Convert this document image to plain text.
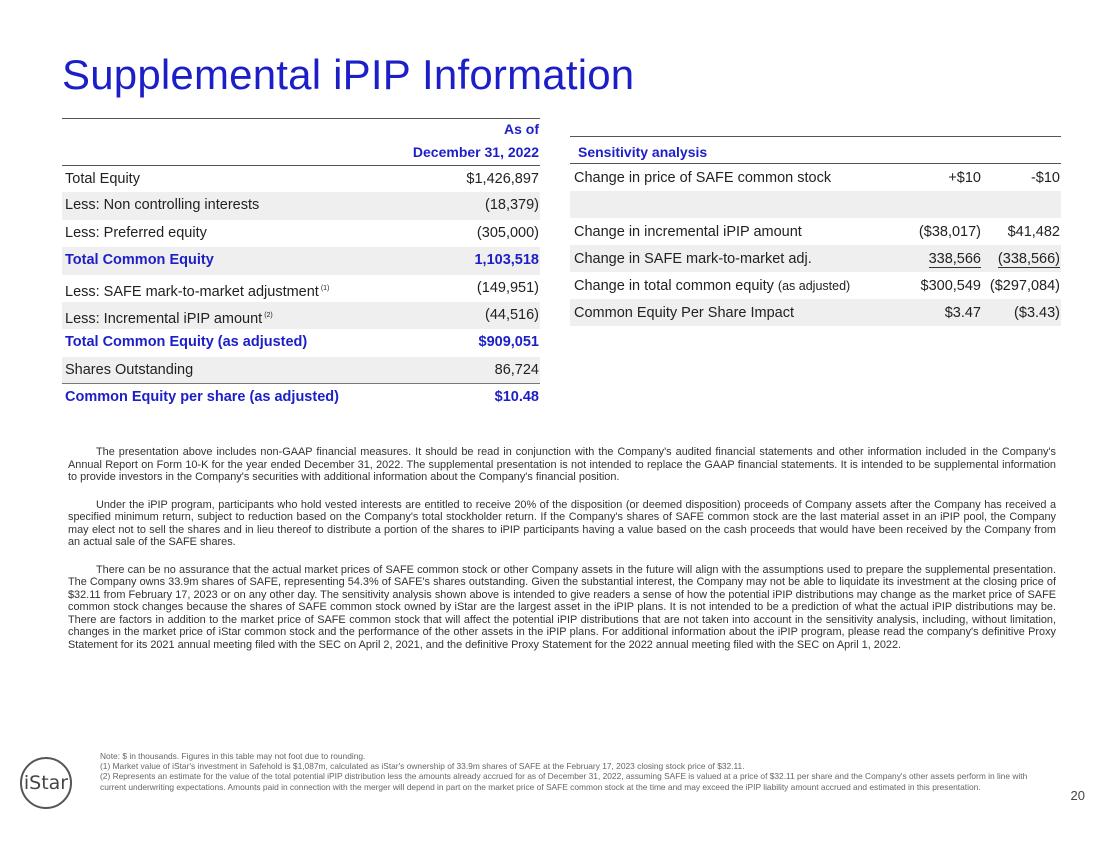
Supplemental iPIP Information
As of
December 31, 2022
Total Equity	$1,426,897
Less: Non controlling interests	(18,379)
Less: Preferred equity	(305,000)
Total Common Equity	1,103,518
Less: SAFE mark-to-market adjustment $^{(1)}$	(149,951)
Less: Incremental iPIP amount $^{(2)}$	(44,516)
Total Common Equity (as adjusted)	$909,051
Shares Outstanding	86,724
Common Equity per share (as adjusted)	$10.48
Sensitivity analysis
Change in price of SAFE common stock	+$10	-$10
Change in incremental iPIP amount	($38,017)	$41,482
Change in SAFE mark-to-market adj.	338,566	(338,566)
Change in total common equity (as adjusted)	$300,549 ($297,084)
Common Equity Per Share Impact	$3.47	($3.43)

The presentation above includes non-GAAP financial measures. It should be read in conjunction with the Company's audited financial statements and other information included in the Company's Annual Report on Form 10-K for the year ended December 31, 2022. The supplemental presentation is not intended to replace the GAAP financial statements. It is intended to be supplemental information to provide investors in the Company's securities with additional information about the Company's financial position.

Under the iPIP program, participants who hold vested interests are entitled to receive 20% of the disposition (or deemed disposition) proceeds of Company assets after the Company has received a specified minimum return, subject to reduction based on the Company's total stockholder return. If the Company's shares of SAFE common stock are the last material asset in an iPIP pool, the Company may elect not to sell the shares and in lieu thereof to distribute a portion of the shares to iPIP participants having a value based on the cash proceeds that would have been received by the Company from an actual sale of the SAFE shares.

There can be no assurance that the actual market prices of SAFE common stock or other Company assets in the future will align with the assumptions used to prepare the supplemental presentation. The Company owns 33.9m shares of SAFE, representing 54.3% of SAFE's shares outstanding. Given the substantial interest, the Company may not be able to liquidate its investment at the closing price of $32.11 from February 17, 2023 or on any other day. The sensitivity analysis shown above is intended to give readers a sense of how the potential iPIP distributions may change as the market price of SAFE common stock changes because the shares of SAFE common stock owned by iStar are the largest asset in the iPIP plans. It is not intended to be a prediction of what the actual iPIP distributions may be. There are factors in addition to the market price of SAFE common stock that will affect the potential iPIP distributions that are not taken into account in the sensitivity analysis, including, without limitation, changes in the market price of iStar common stock and the performance of the other assets in the iPIP plans. For additional information about the iPIP program, please read the company's definitive Proxy Statement for its 2021 annual meeting filed with the SEC on April 2, 2021, and the definitive Proxy Statement for the 2022 annual meeting filed with the SEC on April 1, 2022.

iStar
Note: $ in thousands. Figures in this table may not foot due to rounding.
(1) Market value of iStar's investment in Safehold is $1,087m, calculated as iStar's ownership of 33.9m shares of SAFE at the February 17, 2023 closing stock price of $32.11.
(2) Represents an estimate for the value of the total potential iPIP distribution less the amounts already accrued for as of December 31, 2022, assuming SAFE is valued at a price of $32.11 per share and the Company's other assets perform in line with current underwriting expectations. Amounts paid in connection with the merger will depend in part on the market price of SAFE common stock at the time and may exceed the iPIP liability amount accrued and estimated in this presentation.
20
